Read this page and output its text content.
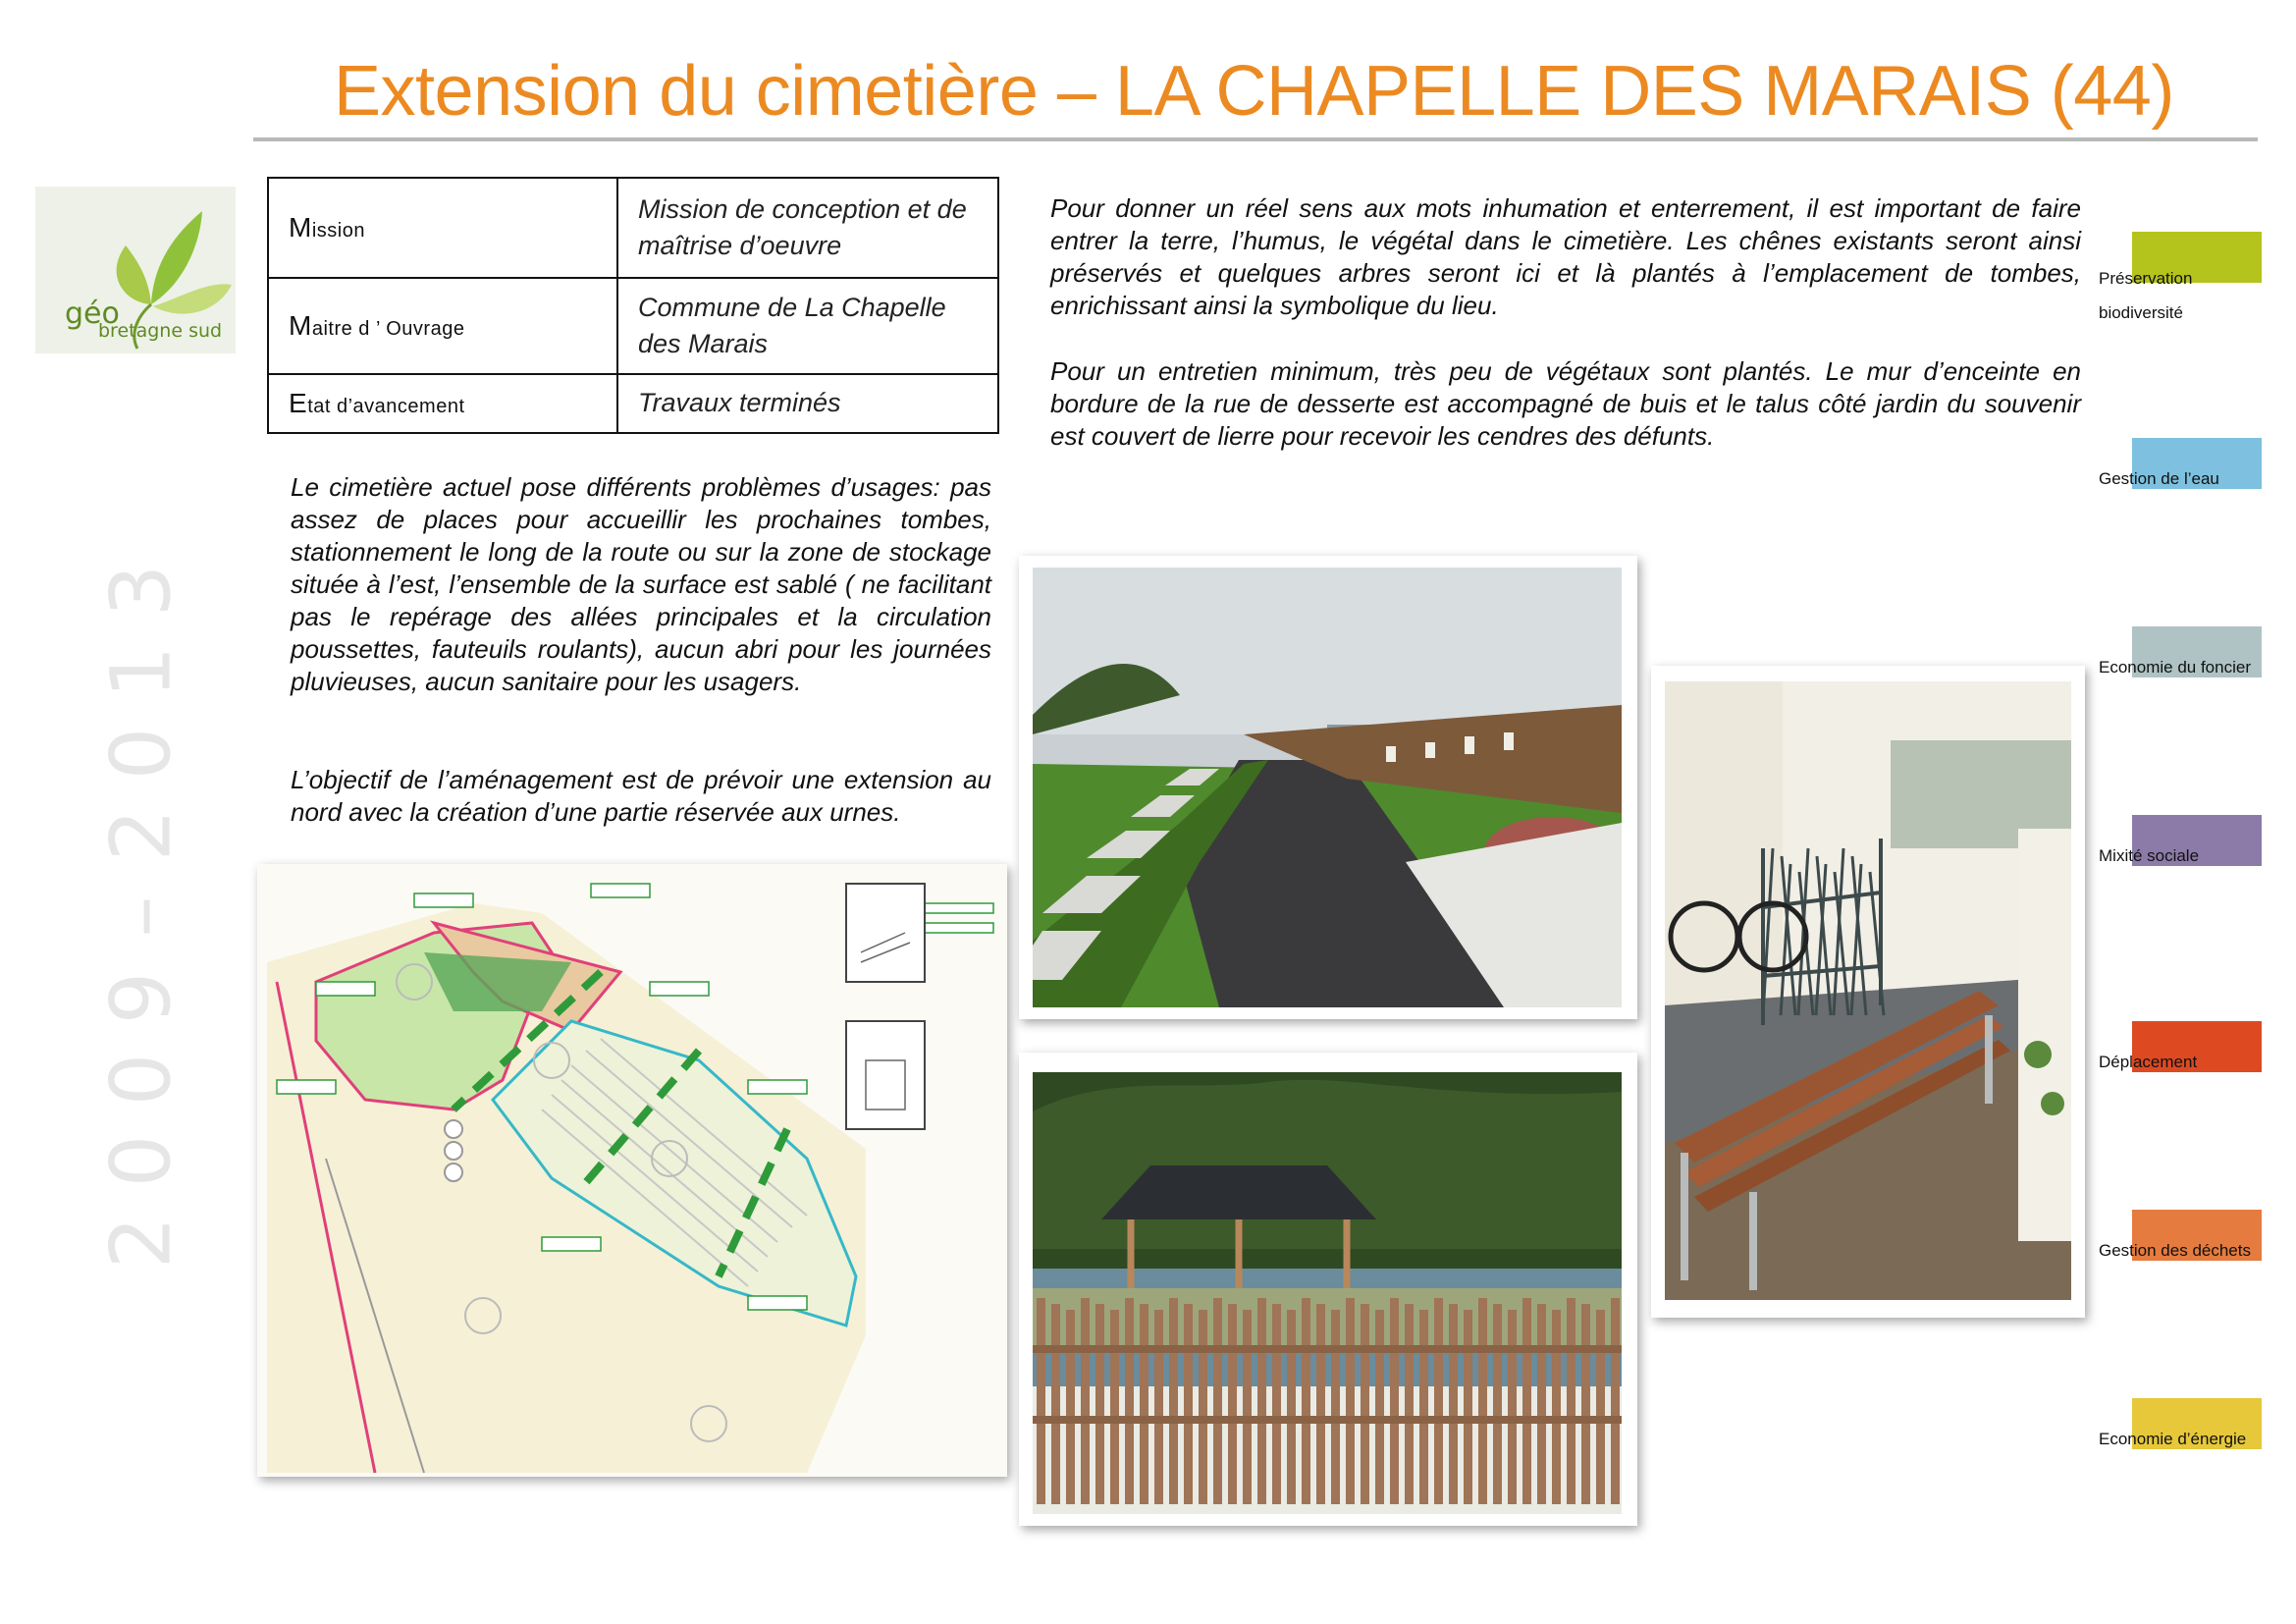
Extension du cimetière – LA CHAPELLE DES MARAIS (44)
géo
bretagne sud
3
1
0
2
–
9
0
0
2
Mission	Mission de conception et de maîtrise d’oeuvre
Maitre d ’ Ouvrage	Commune de La Chapelle des Marais
Etat d’avancement	Travaux terminés
Le cimetière actuel pose différents problèmes d’usages: pas assez de places pour accueillir les prochaines tombes, stationnement le long de la route ou sur la zone de stockage située à l’est, l’ensemble de la surface est sablé ( ne facilitant pas le repérage des allées principales et la circulation poussettes, fauteuils roulants), aucun abri pour les journées pluvieuses, aucun sanitaire pour les usagers.
L’objectif de l’aménagement est de prévoir une extension au nord avec la création d’une partie réservée aux urnes.
Pour donner un réel sens aux mots inhumation et enterrement, il est important de faire entrer la terre, l’humus, le végétal dans le cimetière. Les chênes existants seront ainsi préservés et quelques arbres seront ici et là plantés à l’emplacement de tombes, enrichissant ainsi la symbolique du lieu.
Pour un entretien minimum, très peu de végétaux sont plantés. Le mur d’enceinte en bordure de la rue de desserte est accompagné de buis et le talus côté jardin du souvenir est couvert de lierre pour recevoir les cendres des défunts.
Préservation biodiversité
Gestion de l’eau
Economie du foncier
Mixité sociale
Déplacement
Gestion des déchets
Economie d’énergie
